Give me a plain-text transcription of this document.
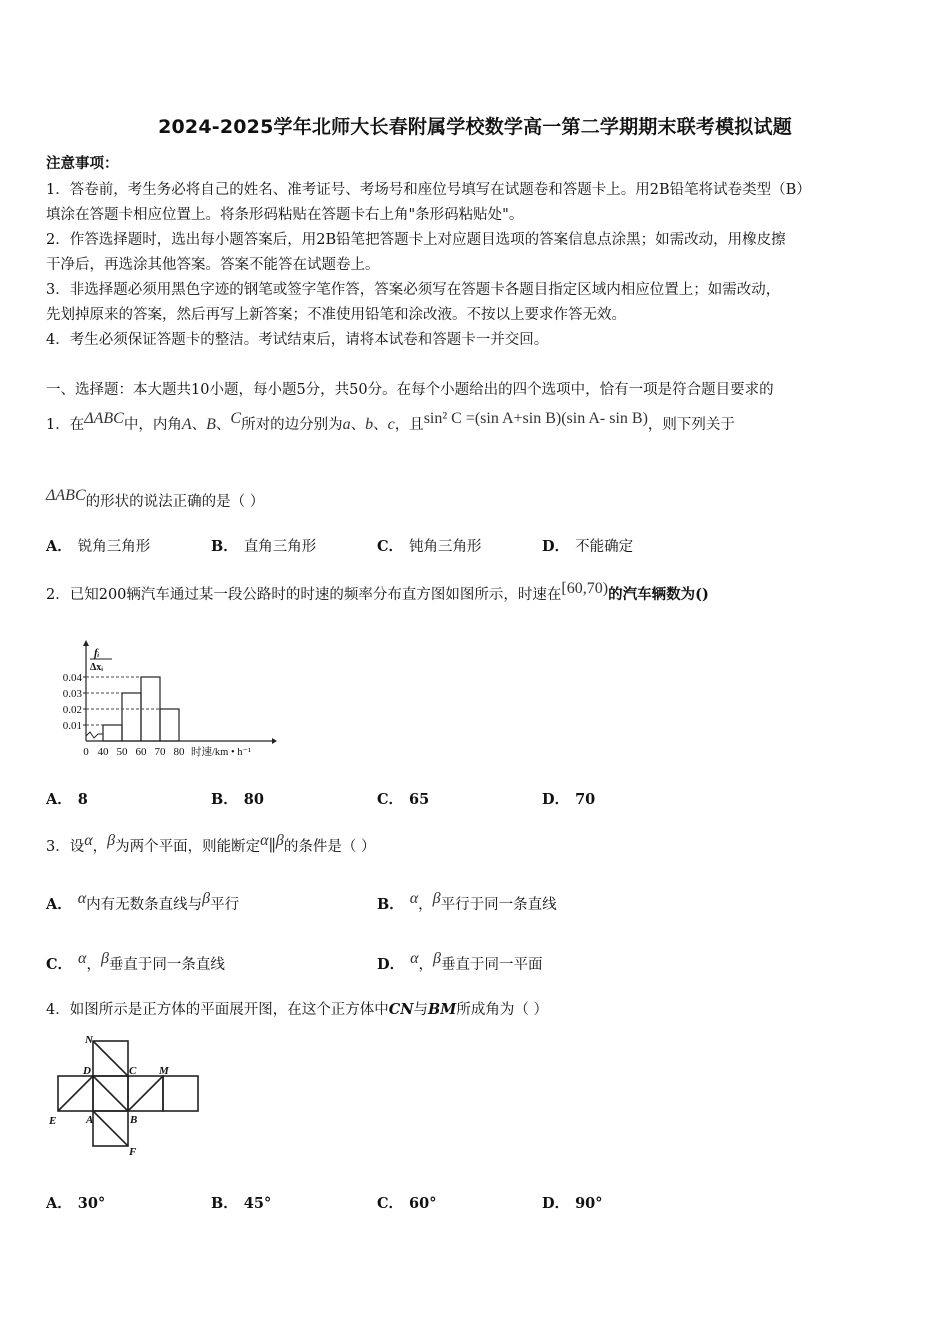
2024-2025学年北师大长春附属学校数学高一第二学期期末联考模拟试题
注意事项：
1．答卷前，考生务必将自己的姓名、准考证号、考场号和座位号填写在试题卷和答题卡上。用2B铅笔将试卷类型（B）
填涂在答题卡相应位置上。将条形码粘贴在答题卡右上角"条形码粘贴处"。
2．作答选择题时，选出每小题答案后，用2B铅笔把答题卡上对应题目选项的答案信息点涂黑；如需改动，用橡皮擦
干净后，再选涂其他答案。答案不能答在试题卷上。
3．非选择题必须用黑色字迹的钢笔或签字笔作答，答案必须写在答题卡各题目指定区域内相应位置上；如需改动，
先划掉原来的答案，然后再写上新答案；不准使用铅笔和涂改液。不按以上要求作答无效。
4．考生必须保证答题卡的整洁。考试结束后，请将本试卷和答题卡一并交回。
一、选择题：本大题共10小题，每小题5分，共50分。在每个小题给出的四个选项中，恰有一项是符合题目要求的
1．在$^{\Delta ABC}$中，内角A、B、$^C$所对的边分别为a、b、c，且$^{sin^2 C =(sin A+sin B)(sin A- sin B)}$，则下列关于
$^{\Delta ABC}$的形状的说法正确的是（ ）
A． 锐角三角形	B． 直角三角形	C． 钝角三角形	D． 不能确定
2．已知200辆汽车通过某一段公路时的时速的频率分布直方图如图所示，时速在$^{[60,70)}$的汽车辆数为()
0.01
0.02
0.03
0.04
0 40 50 60 70 80 时速/km • h⁻¹
fᵢ
Δxᵢ
A． 8	B． 80	C． 65	D． 70
3．设$^\alpha$，$^\beta$为两个平面，则能断定$^\alpha$∥$^\beta$的条件是（ ）
A． $^\alpha$内有无数条直线与$^\beta$平行	B． $^\alpha$，$^\beta$平行于同一条直线
C． $^\alpha$，$^\beta$垂直于同一条直线	D． $^\alpha$，$^\beta$垂直于同一平面
4．如图所示是正方体的平面展开图，在这个正方体中CN与BM所成角为（ ）
N
D	C M
E	A	B
F
A． 30°	B． 45°	C． 60°	D． 90°
